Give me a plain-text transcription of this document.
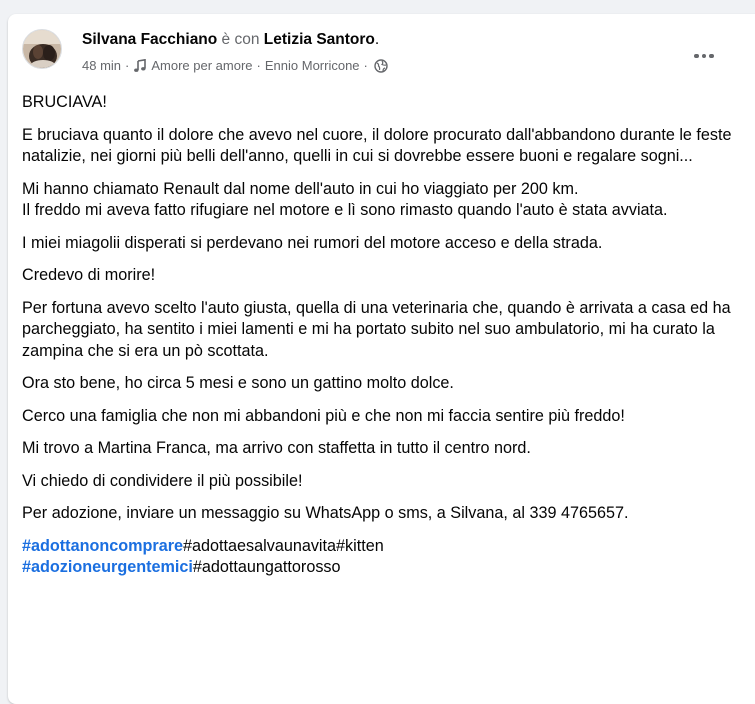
Silvana Facchiano è con Letizia Santoro.
48 min · Amore per amore · Ennio Morricone ·

BRUCIAVA!

E bruciava quanto il dolore che avevo nel cuore, il dolore procurato dall'abbandono durante le feste natalizie, nei giorni più belli dell'anno, quelli in cui si dovrebbe essere buoni e regalare sogni...

Mi hanno chiamato Renault dal nome dell'auto in cui ho viaggiato per 200 km.
Il freddo mi aveva fatto rifugiare nel motore e lì sono rimasto quando l'auto è stata avviata.

I miei miagolii disperati si perdevano nei rumori del motore acceso e della strada.

Credevo di morire!

Per fortuna avevo scelto l'auto giusta, quella di una veterinaria che, quando è arrivata a casa ed ha parcheggiato, ha sentito i miei lamenti e mi ha portato subito nel suo ambulatorio, mi ha curato la zampina che si era un pò scottata.

Ora sto bene, ho circa 5 mesi e sono un gattino molto dolce.

Cerco una famiglia che non mi abbandoni più e che non mi faccia sentire più freddo!

Mi trovo a Martina Franca, ma arrivo con staffetta in tutto il centro nord.

Vi chiedo di condividere il più possibile!

Per adozione, inviare un messaggio su WhatsApp o sms, a Silvana, al 339 4765657.

#adottanoncomprare#adottaesalvaunavita#kitten
#adozioneurgentemici#adottaungattorosso
